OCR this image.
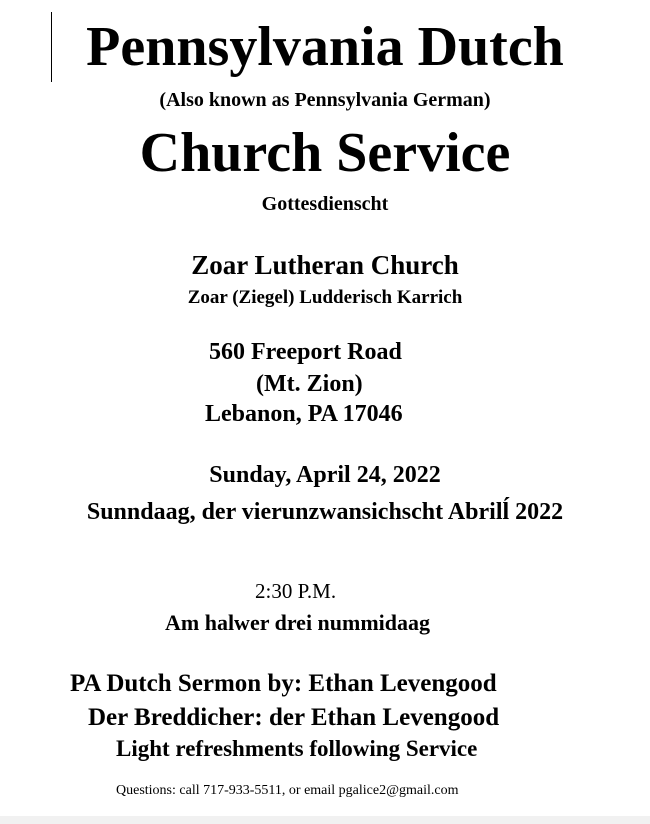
Pennsylvania Dutch
(Also known as Pennsylvania German)
Church Service
Gottesdienscht
Zoar Lutheran Church
Zoar (Ziegel) Ludderisch Karrich
560 Freeport Road
(Mt. Zion)
Lebanon, PA 17046
Sunday, April 24, 2022
Sunndaag, der vierunzwansichscht Abrilĺ 2022
2:30 P.M.
Am halwer drei nummidaag
PA Dutch Sermon by: Ethan Levengood
Der Breddicher: der Ethan Levengood
Light refreshments following Service
Questions: call 717-933-5511, or email pgalice2@gmail.com
